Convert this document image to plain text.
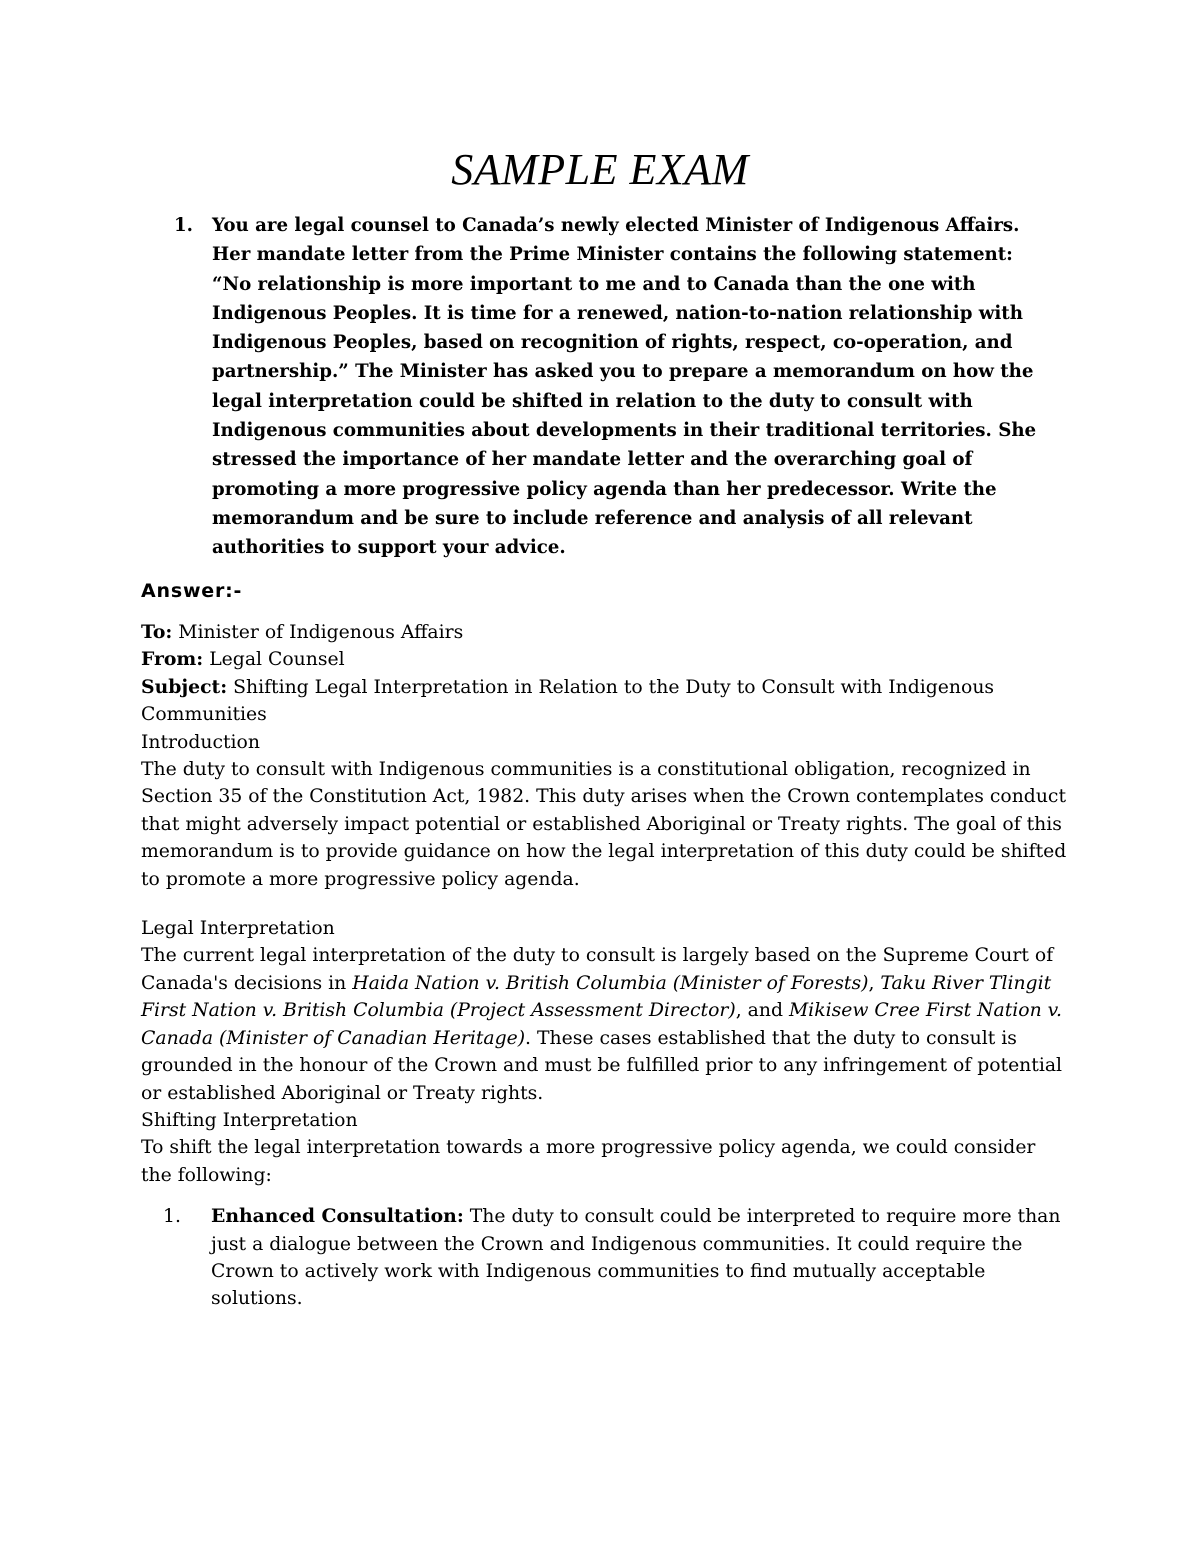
SAMPLE EXAM
1. You are legal counsel to Canada’s newly elected Minister of Indigenous Affairs. Her mandate letter from the Prime Minister contains the following statement: “No relationship is more important to me and to Canada than the one with Indigenous Peoples. It is time for a renewed, nation-to-nation relationship with Indigenous Peoples, based on recognition of rights, respect, co-operation, and partnership.” The Minister has asked you to prepare a memorandum on how the legal interpretation could be shifted in relation to the duty to consult with Indigenous communities about developments in their traditional territories. She stressed the importance of her mandate letter and the overarching goal of promoting a more progressive policy agenda than her predecessor. Write the memorandum and be sure to include reference and analysis of all relevant authorities to support your advice.
Answer:-

To: Minister of Indigenous Affairs

From: Legal Counsel

Subject: Shifting Legal Interpretation in Relation to the Duty to Consult with Indigenous Communities

Introduction

The duty to consult with Indigenous communities is a constitutional obligation, recognized in Section 35 of the Constitution Act, 1982. This duty arises when the Crown contemplates conduct that might adversely impact potential or established Aboriginal or Treaty rights. The goal of this memorandum is to provide guidance on how the legal interpretation of this duty could be shifted to promote a more progressive policy agenda.

Legal Interpretation

The current legal interpretation of the duty to consult is largely based on the Supreme Court of Canada's decisions in Haida Nation v. British Columbia (Minister of Forests), Taku River Tlingit First Nation v. British Columbia (Project Assessment Director), and Mikisew Cree First Nation v. Canada (Minister of Canadian Heritage). These cases established that the duty to consult is grounded in the honour of the Crown and must be fulfilled prior to any infringement of potential or established Aboriginal or Treaty rights.

Shifting Interpretation

To shift the legal interpretation towards a more progressive policy agenda, we could consider the following:

1. Enhanced Consultation: The duty to consult could be interpreted to require more than just a dialogue between the Crown and Indigenous communities. It could require the Crown to actively work with Indigenous communities to find mutually acceptable solutions.
